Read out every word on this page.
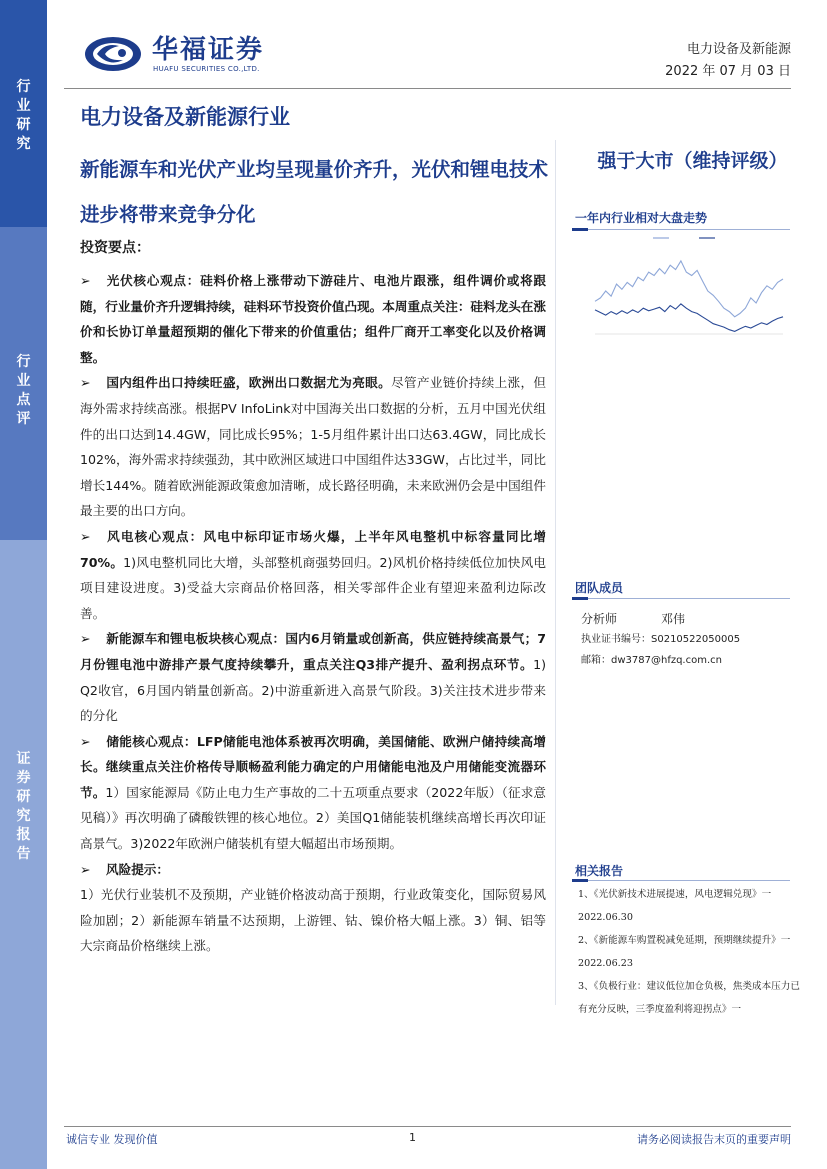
行
业
研
究
行
业
点
评
证
券
研
究
报
告
华福证券
HUAFU SECURITIES CO.,LTD.
电力设备及新能源
2022 年 07 月 03 日
电力设备及新能源行业
新能源车和光伏产业均呈现量价齐升，光伏和锂电技术进步将带来竞争分化
强于大市（维持评级）
投资要点：

➢ 光伏核心观点：硅料价格上涨带动下游硅片、电池片跟涨，组件调价或将跟随，行业量价齐升逻辑持续，硅料环节投资价值凸现。本周重点关注：硅料龙头在涨价和长协订单量超预期的催化下带来的价值重估；组件厂商开工率变化以及价格调整。

➢ 国内组件出口持续旺盛，欧洲出口数据尤为亮眼。尽管产业链价持续上涨，但海外需求持续高涨。根据PV InfoLink对中国海关出口数据的分析，五月中国光伏组件的出口达到14.4GW，同比成长95%；1-5月组件累计出口达63.4GW，同比成长102%，海外需求持续强劲，其中欧洲区域进口中国组件达33GW，占比过半，同比增长144%。随着欧洲能源政策愈加清晰，成长路径明确，未来欧洲仍会是中国组件最主要的出口方向。

➢ 风电核心观点：风电中标印证市场火爆，上半年风电整机中标容量同比增70%。1)风电整机同比大增，头部整机商强势回归。2)风机价格持续低位加快风电项目建设进度。3)受益大宗商品价格回落，相关零部件企业有望迎来盈利边际改善。

➢ 新能源车和锂电板块核心观点：国内6月销量或创新高，供应链持续高景气；7月份锂电池中游排产景气度持续攀升，重点关注Q3排产提升、盈利拐点环节。1) Q2收官，6月国内销量创新高。2)中游重新进入高景气阶段。3)关注技术进步带来的分化

➢ 储能核心观点：LFP储能电池体系被再次明确，美国储能、欧洲户储持续高增长。继续重点关注价格传导顺畅盈利能力确定的户用储能电池及户用储能变流器环节。1）国家能源局《防止电力生产事故的二十五项重点要求（2022年版）（征求意见稿）》再次明确了磷酸铁锂的核心地位。2）美国Q1储能装机继续高增长再次印证高景气。3)2022年欧洲户储装机有望大幅超出市场预期。

➢ 风险提示：

1）光伏行业装机不及预期，产业链价格波动高于预期，行业政策变化，国际贸易风险加剧；2）新能源车销量不达预期，上游锂、钴、镍价格大幅上涨。3）铜、铝等大宗商品价格继续上涨。

一年内行业相对大盘走势
团队成员
分析师	邓伟
执业证书编号：S0210522050005
邮箱：dw3787@hfzq.com.cn
相关报告
1、《光伏新技术进展提速，风电逻辑兑现》一
2022.06.30
2、《新能源车购置税减免延期，预期继续提升》一
2022.06.23
3、《负极行业：建议低位加仓负极，焦类成本压力已有充分反映，三季度盈利将迎拐点》一
诚信专业 发现价值	1	请务必阅读报告末页的重要声明
